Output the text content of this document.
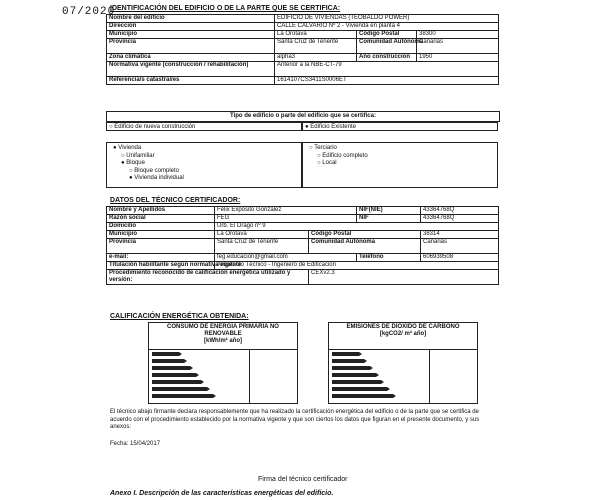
07/2020
IDENTIFICACIÓN DEL EDIFICIO O DE LA PARTE QUE SE CERTIFICA:
Nombre del edificio	EDIFICIO DE VIVIENDAS (TEOBALDO POWER)		
Dirección	CALLE CALVARIO Nº 2 - Vivienda en planta 4		
Municipio	La Orotava	Código Postal	38300
Provincia	Santa Cruz de Tenerife	Comunidad Autónoma	Canarias
Zona climática	alpha3	Año construcción	1950
Normativa vigente (construcción / rehabilitación)	Anterior a la NBE-CT-79		
Referencia/s catastral/es	1614107CS3411S0006ET		
Tipo de edificio o parte del edificio que se certifica:
○ Edificio de nueva construcción	● Edificio Existente
● Vivienda
○ Unifamiliar
● Bloque
○ Bloque completo
● Vivienda individual
○ Terciario
○ Edificio completo
○ Local
DATOS DEL TÉCNICO CERTIFICADOR:
Nombre y Apellidos	Félix Expósito González		NIF(NIE)	43364768Q
Razón social	FEG		NIF	43364768Q
Domicilio	Urb. El Drago nº 9			
Municipio	La Orotava	Código Postal		38314
Provincia	Santa Cruz de Tenerife	Comunidad Autónoma		Canarias
e-mail:	feg.educacion@gmail.com		Teléfono	606939508
Titulación habilitante según normativa vigente	Arquitecto Técnico - Ingeniero de Edificación			
Procedimiento reconocido de calificación energética utilizado y versión:		CEXv2.3		
CALIFICACIÓN ENERGÉTICA OBTENIDA:
CONSUMO DE ENERGÍA PRIMARIA NO RENOVABLE
[kWh/m² año]
EMISIONES DE DIÓXIDO DE CARBONO
[kgCO2/ m² año]
El técnico abajo firmante declara responsablemente que ha realizado la certificación energética del edificio o de la parte que se certifica de acuerdo con el procedimiento establecido por la normativa vigente y que son ciertos los datos que figuran en el presente documento, y sus anexos:
Fecha: 15/04/2017
Firma del técnico certificador
Anexo I. Descripción de las características energéticas del edificio.
